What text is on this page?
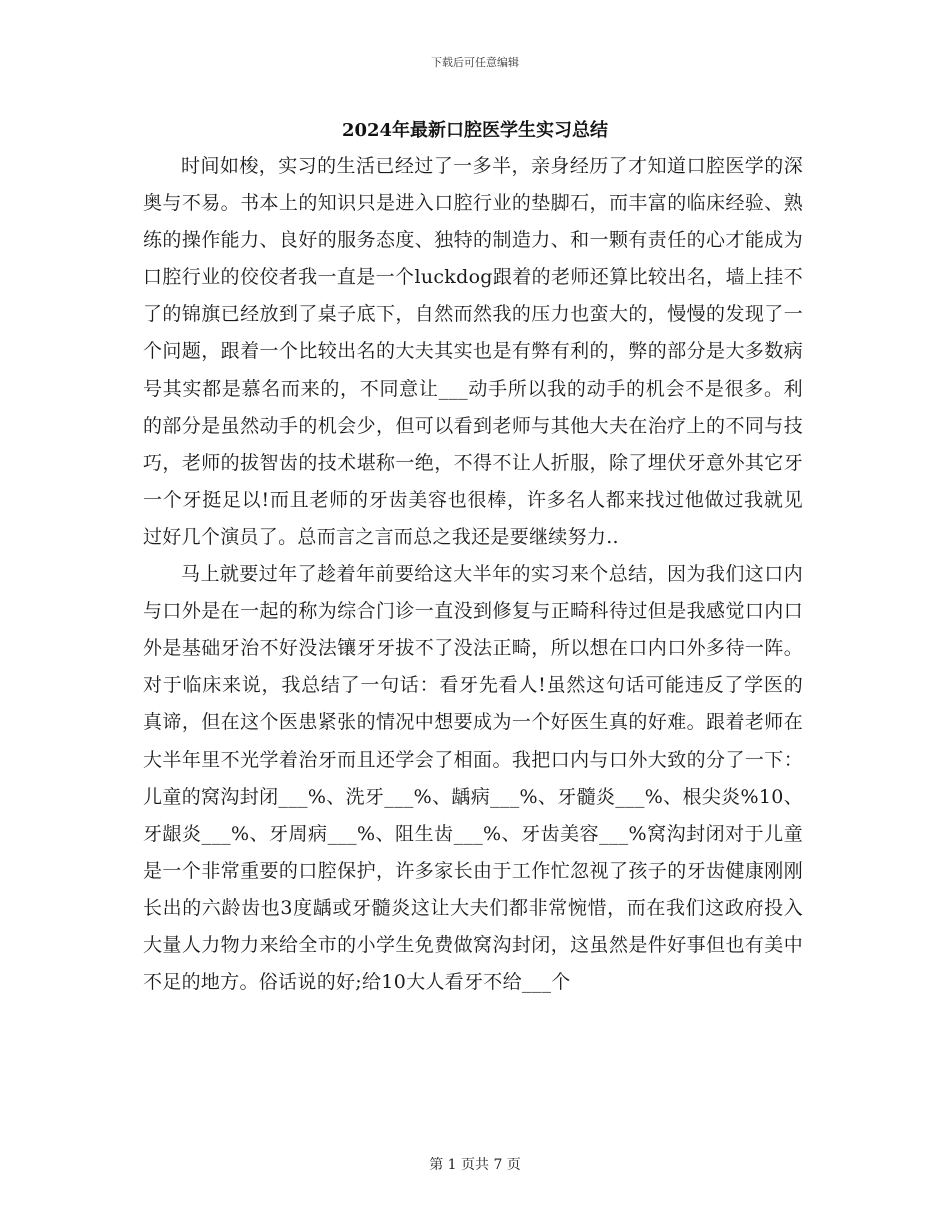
下载后可任意编辑
2024年最新口腔医学生实习总结

时间如梭，实习的生活已经过了一多半，亲身经历了才知道口腔医学的深奥与不易。书本上的知识只是进入口腔行业的垫脚石，而丰富的临床经验、熟练的操作能力、良好的服务态度、独特的制造力、和一颗有责任的心才能成为口腔行业的佼佼者我一直是一个luckdog跟着的老师还算比较出名，墙上挂不了的锦旗已经放到了桌子底下，自然而然我的压力也蛮大的，慢慢的发现了一个问题，跟着一个比较出名的大夫其实也是有弊有利的，弊的部分是大多数病号其实都是慕名而来的，不同意让___动手所以我的动手的机会不是很多。利的部分是虽然动手的机会少，但可以看到老师与其他大夫在治疗上的不同与技巧，老师的拔智齿的技术堪称一绝，不得不让人折服，除了埋伏牙意外其它牙一个牙挺足以!而且老师的牙齿美容也很棒，许多名人都来找过他做过我就见过好几个演员了。总而言之言而总之我还是要继续努力..

马上就要过年了趁着年前要给这大半年的实习来个总结，因为我们这口内与口外是在一起的称为综合门诊一直没到修复与正畸科待过但是我感觉口内口外是基础牙治不好没法镶牙牙拔不了没法正畸，所以想在口内口外多待一阵。对于临床来说，我总结了一句话：看牙先看人!虽然这句话可能违反了学医的真谛，但在这个医患紧张的情况中想要成为一个好医生真的好难。跟着老师在大半年里不光学着治牙而且还学会了相面。我把口内与口外大致的分了一下：儿童的窝沟封闭___%、洗牙___%、龋病___%、牙髓炎___%、根尖炎%10、牙龈炎___%、牙周病___%、阻生齿___%、牙齿美容___%窝沟封闭对于儿童是一个非常重要的口腔保护，许多家长由于工作忙忽视了孩子的牙齿健康刚刚长出的六龄齿也3度龋或牙髓炎这让大夫们都非常惋惜，而在我们这政府投入大量人力物力来给全市的小学生免费做窝沟封闭，这虽然是件好事但也有美中不足的地方。俗话说的好;给10大人看牙不给___个

第 1 页共 7 页
